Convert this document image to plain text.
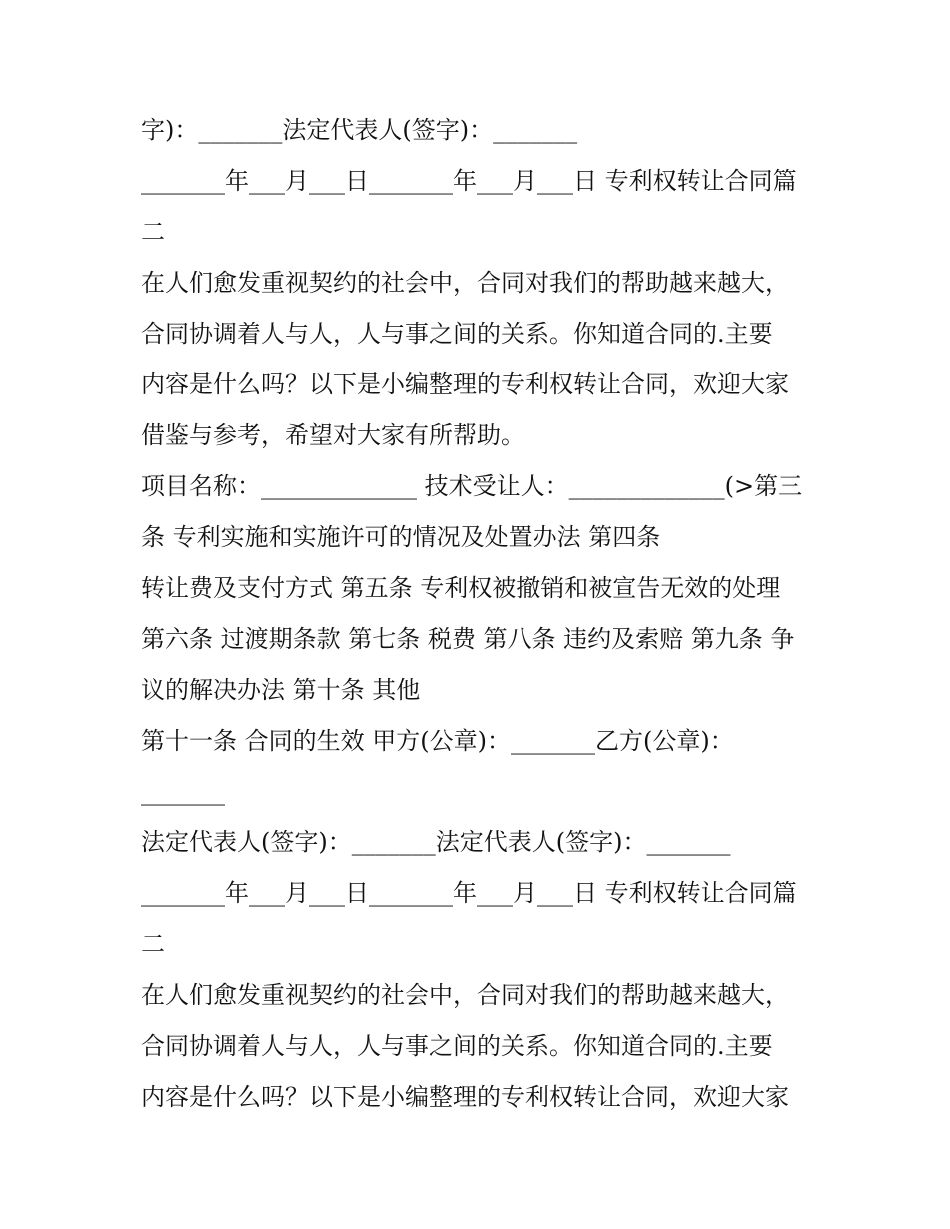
字)：_______法定代表人(签字)：_______
_______年___月___日_______年___月___日 专利权转让合同篇
二
在人们愈发重视契约的社会中，合同对我们的帮助越来越大，
合同协调着人与人，人与事之间的关系。你知道合同的.主要
内容是什么吗？以下是小编整理的专利权转让合同，欢迎大家
借鉴与参考，希望对大家有所帮助。
项目名称：_____________ 技术受让人：_____________(>第三
条 专利实施和实施许可的情况及处置办法 第四条
转让费及支付方式 第五条 专利权被撤销和被宣告无效的处理
第六条 过渡期条款 第七条 税费 第八条 违约及索赔 第九条 争
议的解决办法 第十条 其他
第十一条 合同的生效 甲方(公章)：_______乙方(公章)：
_______
法定代表人(签字)：_______法定代表人(签字)：_______
_______年___月___日_______年___月___日 专利权转让合同篇
二
在人们愈发重视契约的社会中，合同对我们的帮助越来越大，
合同协调着人与人，人与事之间的关系。你知道合同的.主要
内容是什么吗？以下是小编整理的专利权转让合同，欢迎大家
